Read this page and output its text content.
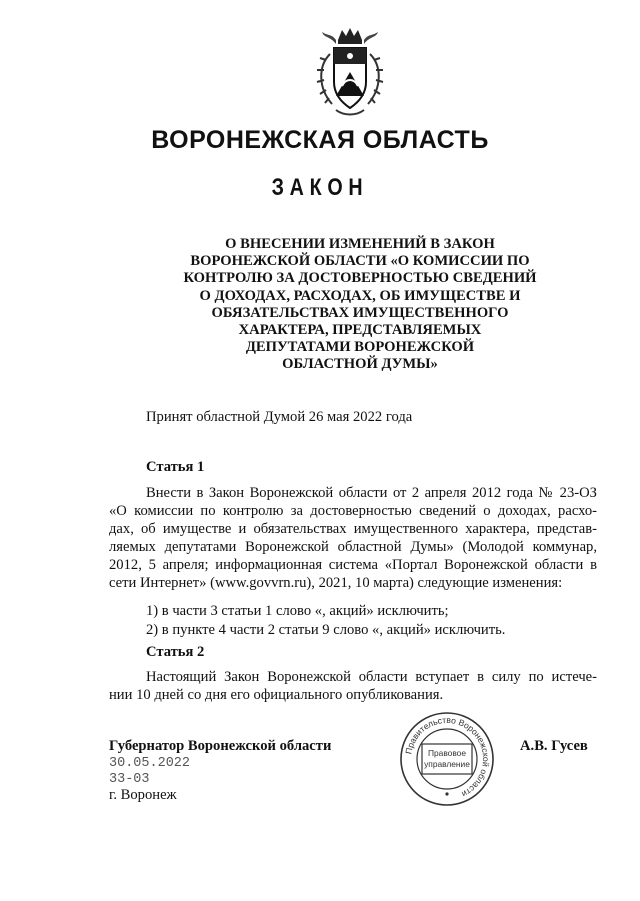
ВОРОНЕЖСКАЯ ОБЛАСТЬ
ЗАКОН
О ВНЕСЕНИИ ИЗМЕНЕНИЙ В ЗАКОН
ВОРОНЕЖСКОЙ ОБЛАСТИ «О КОМИССИИ ПО
КОНТРОЛЮ ЗА ДОСТОВЕРНОСТЬЮ СВЕДЕНИЙ
О ДОХОДАХ, РАСХОДАХ, ОБ ИМУЩЕСТВЕ И
ОБЯЗАТЕЛЬСТВАХ ИМУЩЕСТВЕННОГО
ХАРАКТЕРА, ПРЕДСТАВЛЯЕМЫХ
ДЕПУТАТАМИ ВОРОНЕЖСКОЙ
ОБЛАСТНОЙ ДУМЫ»
Принят областной Думой 26 мая 2022 года
Статья 1
Внести в Закон Воронежской области от 2 апреля 2012 года № 23-ОЗ
«О комиссии по контролю за достоверностью сведений о доходах, расхо-
дах, об имуществе и обязательствах имущественного характера, представ-
ляемых депутатами Воронежской областной Думы» (Молодой коммунар,
2012, 5 апреля; информационная система «Портал Воронежской области в
сети Интернет» (www.govvrn.ru), 2021, 10 марта) следующие изменения:
1) в части 3 статьи 1 слово «, акций» исключить;
2) в пункте 4 части 2 статьи 9 слово «, акций» исключить.
Статья 2
Настоящий Закон Воронежской области вступает в силу по истече-
нии 10 дней со дня его официального опубликования.
Губернатор Воронежской области	А.В. Гусев
30.05.2022
33-03
г. Воронеж
Правительство Воронежской области
Правовое
управление
